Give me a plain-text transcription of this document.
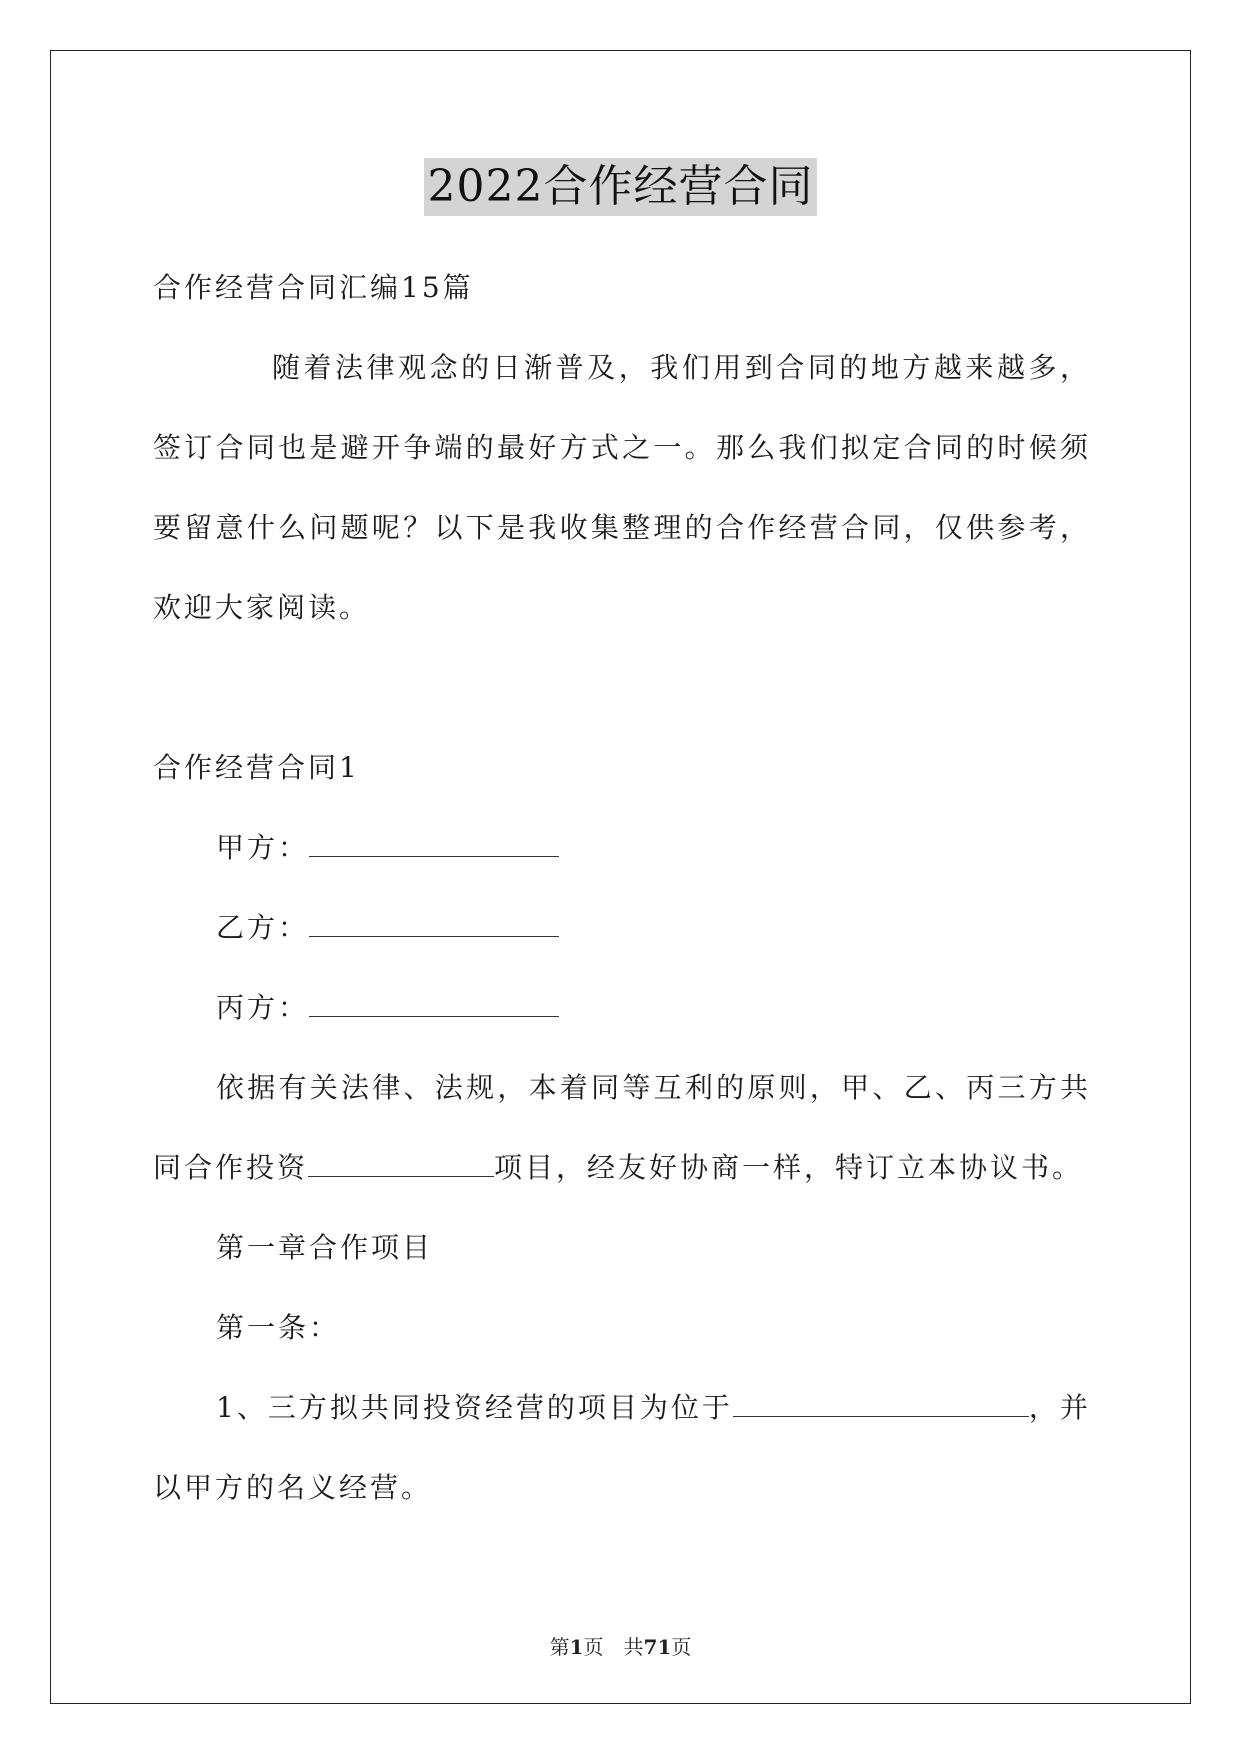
2022合作经营合同
合作经营合同汇编15篇
随着法律观念的日渐普及，我们用到合同的地方越来越多，
签订合同也是避开争端的最好方式之一。那么我们拟定合同的时候须
要留意什么问题呢？以下是我收集整理的合作经营合同，仅供参考，
欢迎大家阅读。
合作经营合同1
甲方：
乙方：
丙方：
依据有关法律、法规，本着同等互利的原则，甲、乙、丙三方共
同合作投资	项目，经友好协商一样，特订立本协议书。
第一章合作项目
第一条：
1、三方拟共同投资经营的项目为位于	，并
以甲方的名义经营。
第1页　共71页
